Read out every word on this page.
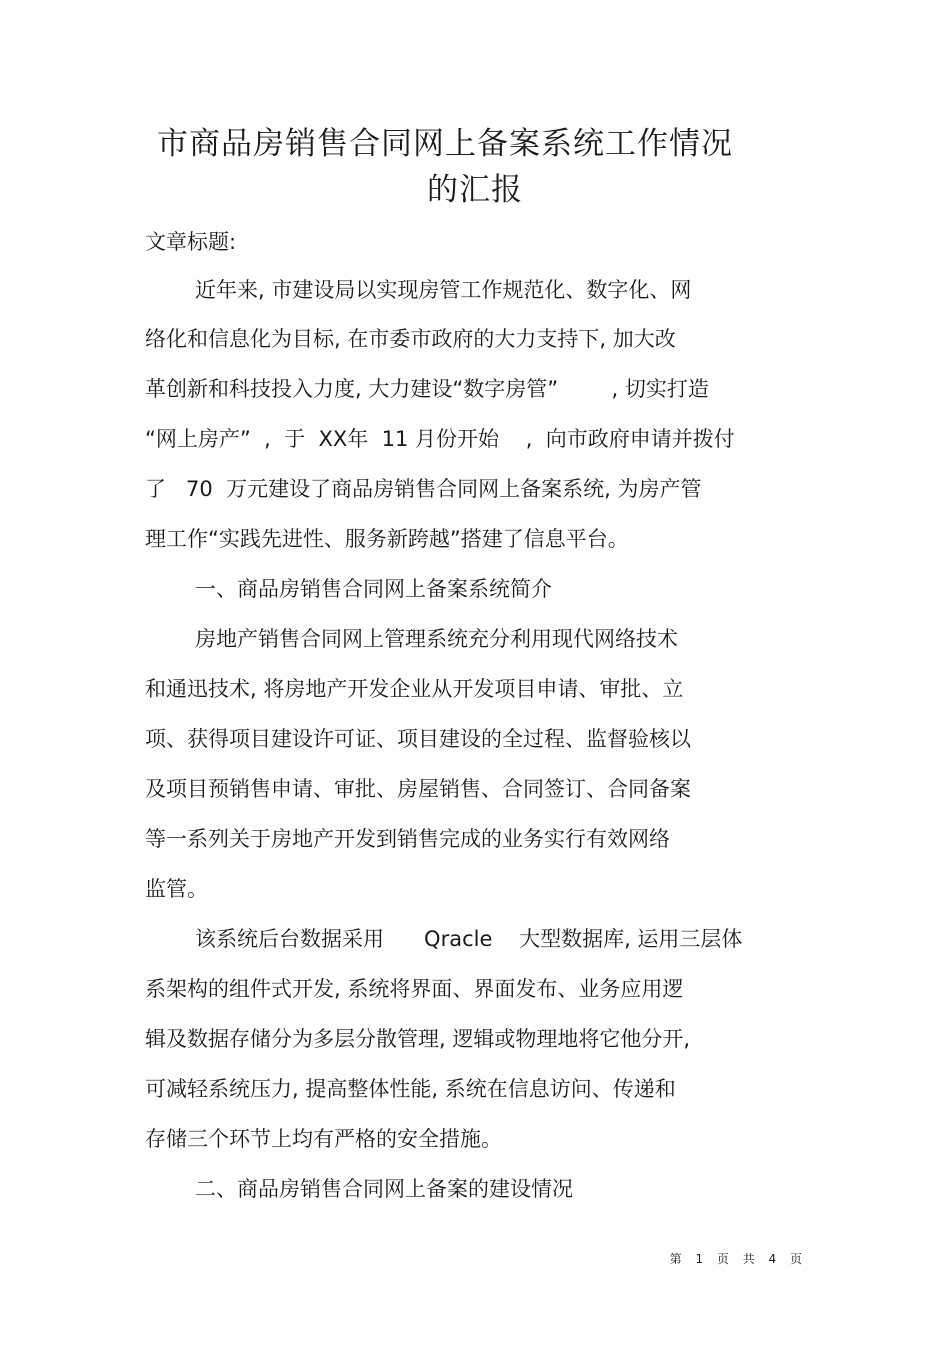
市商品房销售合同网上备案系统工作情况
的汇报
文章标题:
近年来, 市建设局以实现房管工作规范化、数字化、网
络化和信息化为目标, 在市委市政府的大力支持下, 加大改
革创新和科技投入力度, 大力建设“数字房管”        , 切实打造
“网上房产”  ,  于  XX年  11 月份开始    ,  向市政府申请并拨付
了   70  万元建设了商品房销售合同网上备案系统, 为房产管
理工作“实践先进性、服务新跨越”搭建了信息平台。
一、商品房销售合同网上备案系统简介
房地产销售合同网上管理系统充分利用现代网络技术
和通迅技术, 将房地产开发企业从开发项目申请、审批、立
项、获得项目建设许可证、项目建设的全过程、监督验核以
及项目预销售申请、审批、房屋销售、合同签订、合同备案
等一系列关于房地产开发到销售完成的业务实行有效网络
监管。
该系统后台数据采用      Qracle    大型数据库, 运用三层体
系架构的组件式开发, 系统将界面、界面发布、业务应用逻
辑及数据存储分为多层分散管理, 逻辑或物理地将它他分开,
可减轻系统压力, 提高整体性能, 系统在信息访问、传递和
存储三个环节上均有严格的安全措施。
二、商品房销售合同网上备案的建设情况
第 1 页 共 4 页
